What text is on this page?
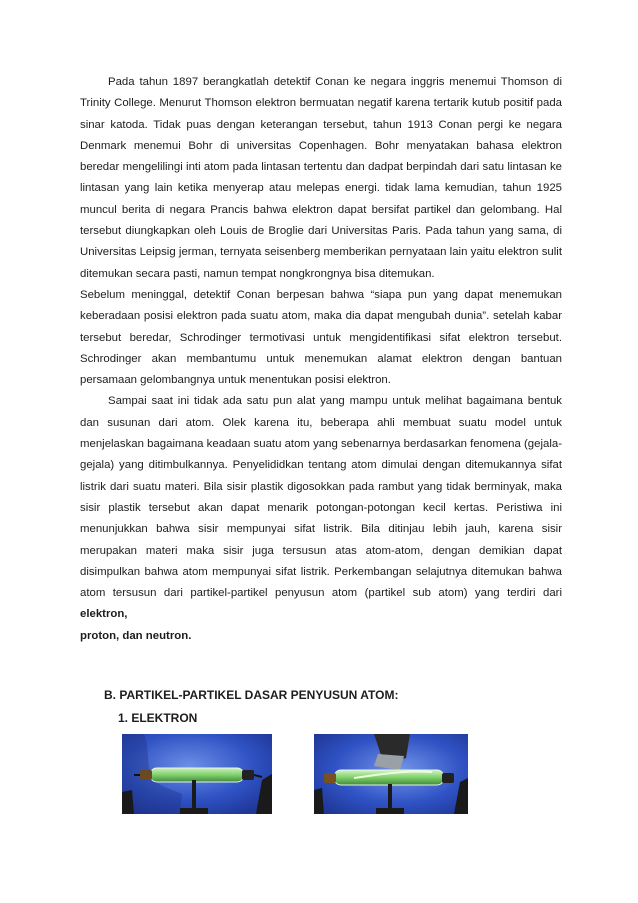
Pada tahun 1897 berangkatlah detektif Conan ke negara inggris menemui Thomson di Trinity College. Menurut Thomson elektron bermuatan negatif karena tertarik kutub positif pada sinar katoda. Tidak puas dengan keterangan tersebut, tahun 1913 Conan pergi ke negara Denmark menemui Bohr di universitas Copenhagen. Bohr menyatakan bahasa elektron beredar mengelilingi inti atom pada lintasan tertentu dan dadpat berpindah dari satu lintasan ke lintasan yang lain ketika menyerap atau melepas energi. tidak lama kemudian, tahun 1925 muncul berita di negara Prancis bahwa elektron dapat bersifat partikel dan gelombang. Hal tersebut diungkapkan oleh Louis de Broglie dari Universitas Paris. Pada tahun yang sama, di Universitas Leipsig jerman, ternyata seisenberg memberikan pernyataan lain yaitu elektron sulit ditemukan secara pasti, namun tempat nongkrongnya bisa ditemukan.

Sebelum meninggal, detektif Conan berpesan bahwa “siapa pun yang dapat menemukan keberadaan posisi elektron pada suatu atom, maka dia dapat mengubah dunia”. setelah kabar tersebut beredar, Schrodinger termotivasi untuk mengidentifikasi sifat elektron tersebut. Schrodinger akan membantumu untuk menemukan alamat elektron dengan bantuan persamaan gelombangnya untuk menentukan posisi elektron.

Sampai saat ini tidak ada satu pun alat yang mampu untuk melihat bagaimana bentuk dan susunan dari atom. Olek karena itu, beberapa ahli membuat suatu model untuk menjelaskan bagaimana keadaan suatu atom yang sebenarnya berdasarkan fenomena (gejala-gejala) yang ditimbulkannya. Penyelididkan tentang atom dimulai dengan ditemukannya sifat listrik dari suatu materi. Bila sisir plastik digosokkan pada rambut yang tidak berminyak, maka sisir plastik tersebut akan dapat menarik potongan-potongan kecil kertas. Peristiwa ini menunjukkan bahwa sisir mempunyai sifat listrik. Bila ditinjau lebih jauh, karena sisir merupakan materi maka sisir juga tersusun atas atom-atom, dengan demikian dapat disimpulkan bahwa atom mempunyai sifat listrik. Perkembangan selajutnya ditemukan bahwa atom tersusun dari partikel-partikel penyusun atom (partikel sub atom) yang terdiri dari elektron,

proton, dan neutron.

B. PARTIKEL-PARTIKEL DASAR PENYUSUN ATOM:
1. ELEKTRON
